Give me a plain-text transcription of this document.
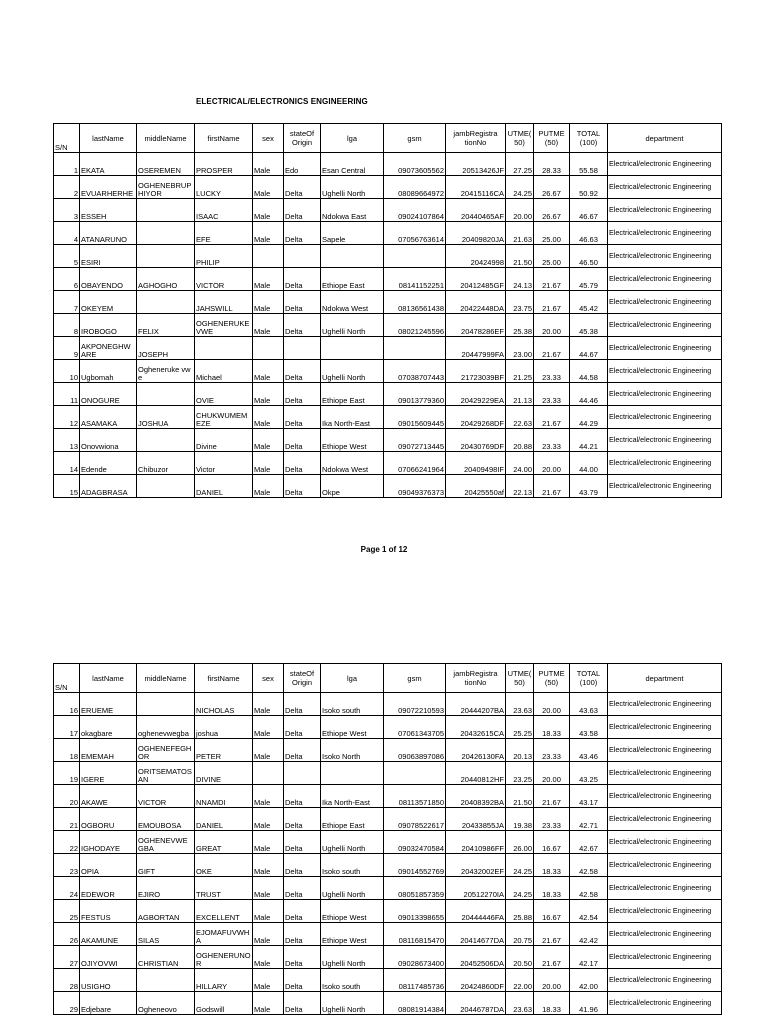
ELECTRICAL/ELECTRONICS ENGINEERING
S/N	lastName	middleName	firstName	sex	stateOf Origin	lga	gsm	jambRegistra tionNo	UTME( 50)	PUTME (50)	TOTAL (100)	department
1	EKATA	OSEREMEN	PROSPER	Male	Edo	Esan Central	09073605562	20513426JF	27.25	28.33	55.58	Electrical/electronic Engineering
2	EVUARHERHE	OGHENEBRUPHIYOR	LUCKY	Male	Delta	Ughelli North	08089664972	20415116CA	24.25	26.67	50.92	Electrical/electronic Engineering
3	ESSEH		ISAAC	Male	Delta	Ndokwa East	09024107864	20440465AF	20.00	26.67	46.67	Electrical/electronic Engineering
4	ATANARUNO		EFE	Male	Delta	Sapele	07056763614	20409820JA	21.63	25.00	46.63	Electrical/electronic Engineering
5	ESIRI		PHILIP					20424998	21.50	25.00	46.50	Electrical/electronic Engineering
6	OBAYENDO	AGHOGHO	VICTOR	Male	Delta	Ethiope East	08141152251	20412485GF	24.13	21.67	45.79	Electrical/electronic Engineering
7	OKEYEM		JAHSWILL	Male	Delta	Ndokwa West	08136561438	20422448DA	23.75	21.67	45.42	Electrical/electronic Engineering
8	IROBOGO	FELIX	OGHENERUKEVWE	Male	Delta	Ughelli North	08021245596	20478286EF	25.38	20.00	45.38	Electrical/electronic Engineering
9	AKPONEGHWARE	JOSEPH						20447999FA	23.00	21.67	44.67	Electrical/electronic Engineering
10	Ugbomah	Ogheneruke vwe	Michael	Male	Delta	Ughelli North	07038707443	21723039BF	21.25	23.33	44.58	Electrical/electronic Engineering
11	ONOGURE		OVIE	Male	Delta	Ethiope East	09013779360	20429229EA	21.13	23.33	44.46	Electrical/electronic Engineering
12	ASAMAKA	JOSHUA	CHUKWUMEMEZE	Male	Delta	Ika North-East	09015609445	20429268DF	22.63	21.67	44.29	Electrical/electronic Engineering
13	Onovwiona		Divine	Male	Delta	Ethiope West	09072713445	20430769DF	20.88	23.33	44.21	Electrical/electronic Engineering
14	Edende	Chibuzor	Victor	Male	Delta	Ndokwa West	07066241964	20409498IF	24.00	20.00	44.00	Electrical/electronic Engineering
15	ADAGBRASA		DANIEL	Male	Delta	Okpe	09049376373	20425550af	22.13	21.67	43.79	Electrical/electronic Engineering
Page 1 of 12
S/N	lastName	middleName	firstName	sex	stateOf Origin	lga	gsm	jambRegistra tionNo	UTME( 50)	PUTME (50)	TOTAL (100)	department
16	ERUEME		NICHOLAS	Male	Delta	Isoko south	09072210593	20444207BA	23.63	20.00	43.63	Electrical/electronic Engineering
17	okagbare	oghenevwegba	joshua	Male	Delta	Ethiope West	07061343705	20432615CA	25.25	18.33	43.58	Electrical/electronic Engineering
18	EMEMAH	OGHENEFEGHOR	PETER	Male	Delta	Isoko North	09063897086	20426130FA	20.13	23.33	43.46	Electrical/electronic Engineering
19	IGERE	ORITSEMATOSAN	DIVINE					20440812HF	23.25	20.00	43.25	Electrical/electronic Engineering
20	AKAWE	VICTOR	NNAMDI	Male	Delta	Ika North-East	08113571850	20408392BA	21.50	21.67	43.17	Electrical/electronic Engineering
21	OGBORU	EMOUBOSA	DANIEL	Male	Delta	Ethiope East	09078522617	20433855JA	19.38	23.33	42.71	Electrical/electronic Engineering
22	IGHODAYE	OGHENEVWEGBA	GREAT	Male	Delta	Ughelli North	09032470584	20410986FF	26.00	16.67	42.67	Electrical/electronic Engineering
23	OPIA	GIFT	OKE	Male	Delta	Isoko south	09014552769	20432002EF	24.25	18.33	42.58	Electrical/electronic Engineering
24	EDEWOR	EJIRO	TRUST	Male	Delta	Ughelli North	08051857359	20512270IA	24.25	18.33	42.58	Electrical/electronic Engineering
25	FESTUS	AGBORTAN	EXCELLENT	Male	Delta	Ethiope West	09013398655	20444446FA	25.88	16.67	42.54	Electrical/electronic Engineering
26	AKAMUNE	SILAS	EJOMAFUVWHA	Male	Delta	Ethiope West	08116815470	20414677DA	20.75	21.67	42.42	Electrical/electronic Engineering
27	OJIYOVWI	CHRISTIAN	OGHENERUNOR	Male	Delta	Ughelli North	09028673400	20452506DA	20.50	21.67	42.17	Electrical/electronic Engineering
28	USIGHO		HILLARY	Male	Delta	Isoko south	08117485736	20424860DF	22.00	20.00	42.00	Electrical/electronic Engineering
29	Edjebare	Ogheneovo	Godswill	Male	Delta	Ughelli North	08081914384	20446787DA	23.63	18.33	41.96	Electrical/electronic Engineering
